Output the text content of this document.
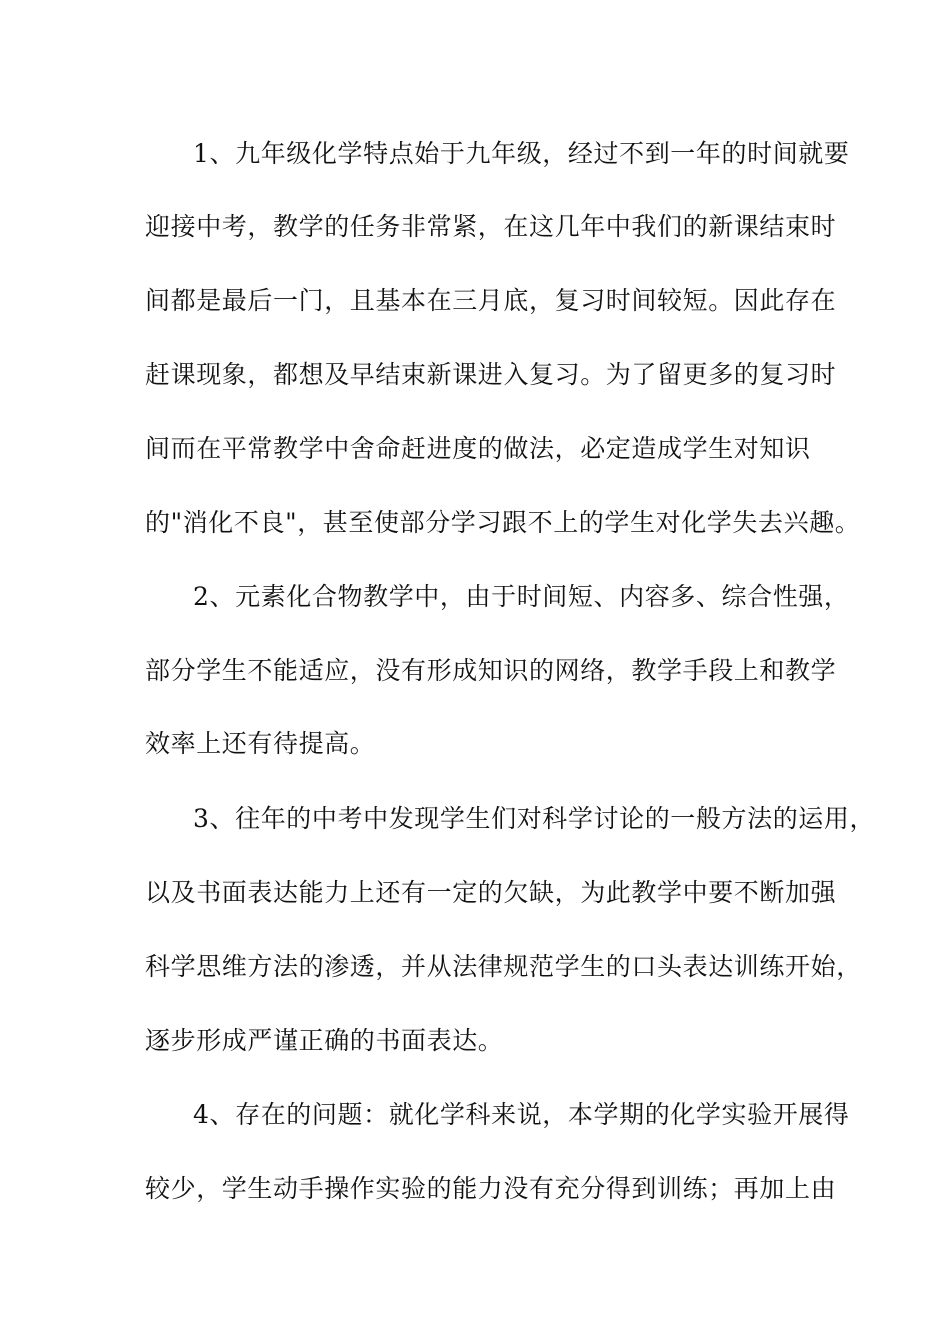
1、九年级化学特点始于九年级，经过不到一年的时间就要
迎接中考，教学的任务非常紧，在这几年中我们的新课结束时
间都是最后一门，且基本在三月底，复习时间较短。因此存在
赶课现象，都想及早结束新课进入复习。为了留更多的复习时
间而在平常教学中舍命赶进度的做法，必定造成学生对知识
的"消化不良"，甚至使部分学习跟不上的学生对化学失去兴趣。
2、元素化合物教学中，由于时间短、内容多、综合性强，
部分学生不能适应，没有形成知识的网络，教学手段上和教学
效率上还有待提高。
3、往年的中考中发现学生们对科学讨论的一般方法的运用，
以及书面表达能力上还有一定的欠缺，为此教学中要不断加强
科学思维方法的渗透，并从法律规范学生的口头表达训练开始，
逐步形成严谨正确的书面表达。
4、存在的问题：就化学科来说，本学期的化学实验开展得
较少，学生动手操作实验的能力没有充分得到训练；再加上由
